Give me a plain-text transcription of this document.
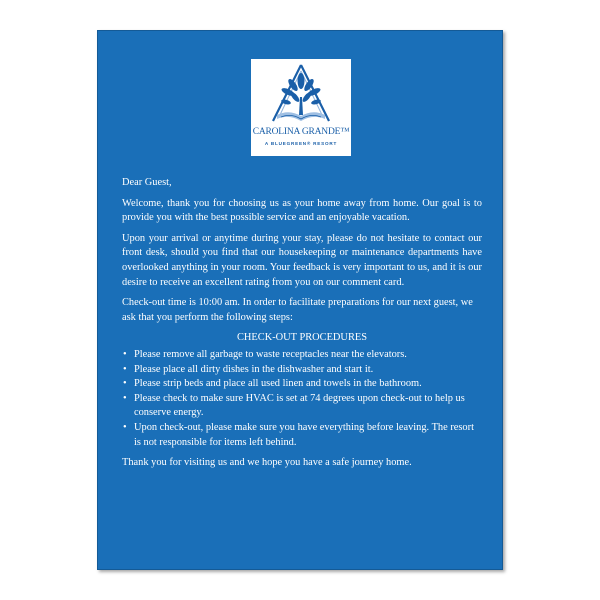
CAROLINA GRANDE™
A BLUEGREEN® RESORT

Dear Guest,

Welcome, thank you for choosing us as your home away from home. Our goal is to provide you with the best possible service and an enjoyable vacation.

Upon your arrival or anytime during your stay, please do not hesitate to contact our front desk, should you find that our housekeeping or maintenance departments have overlooked anything in your room. Your feedback is very important to us, and it is our desire to receive an excellent rating from you on our comment card.

Check-out time is 10:00 am. In order to facilitate preparations for our next guest, we ask that you perform the following steps:

CHECK-OUT PROCEDURES
• Please remove all garbage to waste receptacles near the elevators.
• Please place all dirty dishes in the dishwasher and start it.
• Please strip beds and place all used linen and towels in the bathroom.
• Please check to make sure HVAC is set at 74 degrees upon check-out to help us conserve energy.
• Upon check-out, please make sure you have everything before leaving. The resort is not responsible for items left behind.

Thank you for visiting us and we hope you have a safe journey home.
